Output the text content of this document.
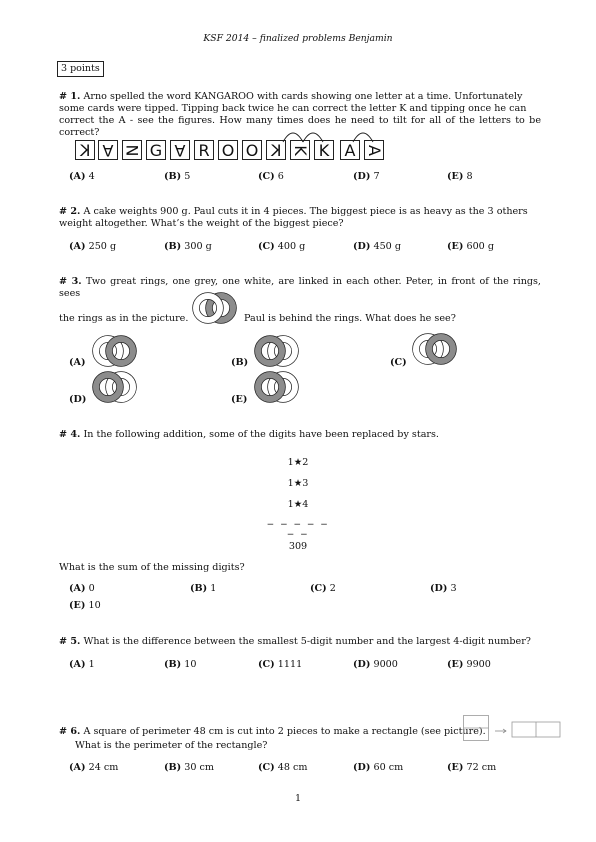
KSF 2014 – finalized problems Benjamin
3 points
# 1. Arno spelled the word KANGAROO with cards showing one letter at a time. Unfortunately
some cards were tipped. Tipping back twice he can correct the letter K and tipping once he can
correct the A - see the figures. How many times does he need to tilt for all of the letters to be correct?
K A N G A R O O K K K A A
(A) 4	(B) 5	(C) 6	(D) 7	(E) 8
# 2. A cake weights 900 g. Paul cuts it in 4 pieces. The biggest piece is as heavy as the 3 others
weight altogether. What’s the weight of the biggest piece?
(A) 250 g	(B) 300 g	(C) 400 g	(D) 450 g	(E) 600 g
# 3. Two great rings, one grey, one white, are linked in each other. Peter, in front of the rings, sees
the rings as in the picture.	Paul is behind the rings. What does he see?
(A)	(B)	(C)
(D)	(E)
# 4. In the following addition, some of the digits have been replaced by stars.
1★2
1★3
1★4
− − − − − − −
309
What is the sum of the missing digits?
(A) 0	(B) 1	(C) 2	(D) 3
(E) 10
# 5. What is the difference between the smallest 5-digit number and the largest 4-digit number?
(A) 1	(B) 10	(C) 1111	(D) 9000	(E) 9900
# 6. A square of perimeter 48 cm is cut into 2 pieces to make a rectangle (see picture).
What is the perimeter of the rectangle?
(A) 24 cm	(B) 30 cm	(C) 48 cm	(D) 60 cm	(E) 72 cm
1
